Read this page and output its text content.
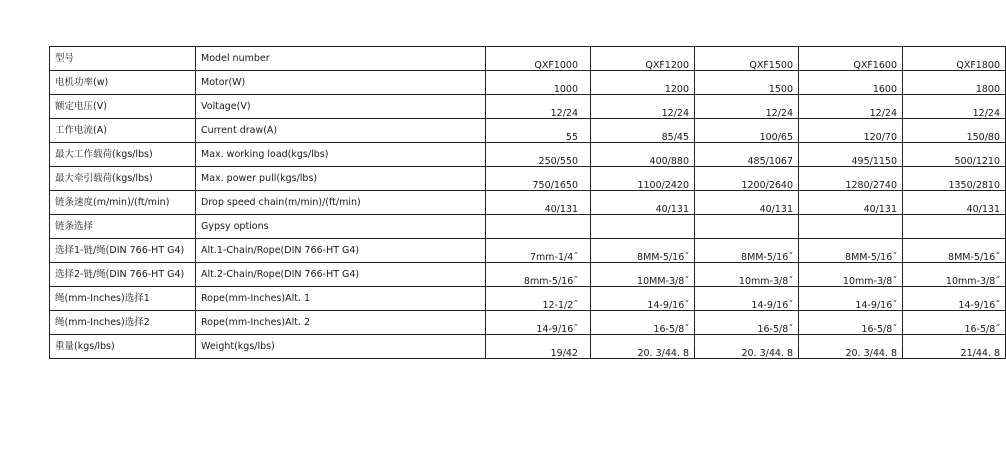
型号	Model number	QXF1000	QXF1200	QXF1500	QXF1600	QXF1800
电机功率(w)	Motor(W)	1000	1200	1500	1600	1800
额定电压(V)	Voltage(V)	12/24	12/24	12/24	12/24	12/24
工作电流(A)	Current draw(A)	55	85/45	100/65	120/70	150/80
最大工作载荷(kgs/lbs)	Max. working load(kgs/lbs)	250/550	400/880	485/1067	495/1150	500/1210
最大牵引载荷(kgs/lbs)	Max. power pull(kgs/lbs)	750/1650	1100/2420	1200/2640	1280/2740	1350/2810
链条速度(m/min)/(ft/min)	Drop speed chain(m/min)/(ft/min)	40/131	40/131	40/131	40/131	40/131
链条选择	Gypsy options					
选择1-链/绳(DIN 766-HT G4)	Alt.1-Chain/Rope(DIN 766-HT G4)	7mm-1/4˝	8MM-5/16˝	8MM-5/16˝	8MM-5/16˝	8MM-5/16˝
选择2-链/绳(DIN 766-HT G4)	Alt.2-Chain/Rope(DIN 766-HT G4)	8mm-5/16˝	10MM-3/8˝	10mm-3/8˝	10mm-3/8˝	10mm-3/8˝
绳(mm-Inches)选择1	Rope(mm-Inches)Alt. 1	12-1/2˝	14-9/16˝	14-9/16˝	14-9/16˝	14-9/16˝
绳(mm-Inches)选择2	Rope(mm-Inches)Alt. 2	14-9/16˝	16-5/8˝	16-5/8˝	16-5/8˝	16-5/8˝
重量(kgs/lbs)	Weight(kgs/lbs)	19/42	20. 3/44. 8	20. 3/44. 8	20. 3/44. 8	21/44. 8
